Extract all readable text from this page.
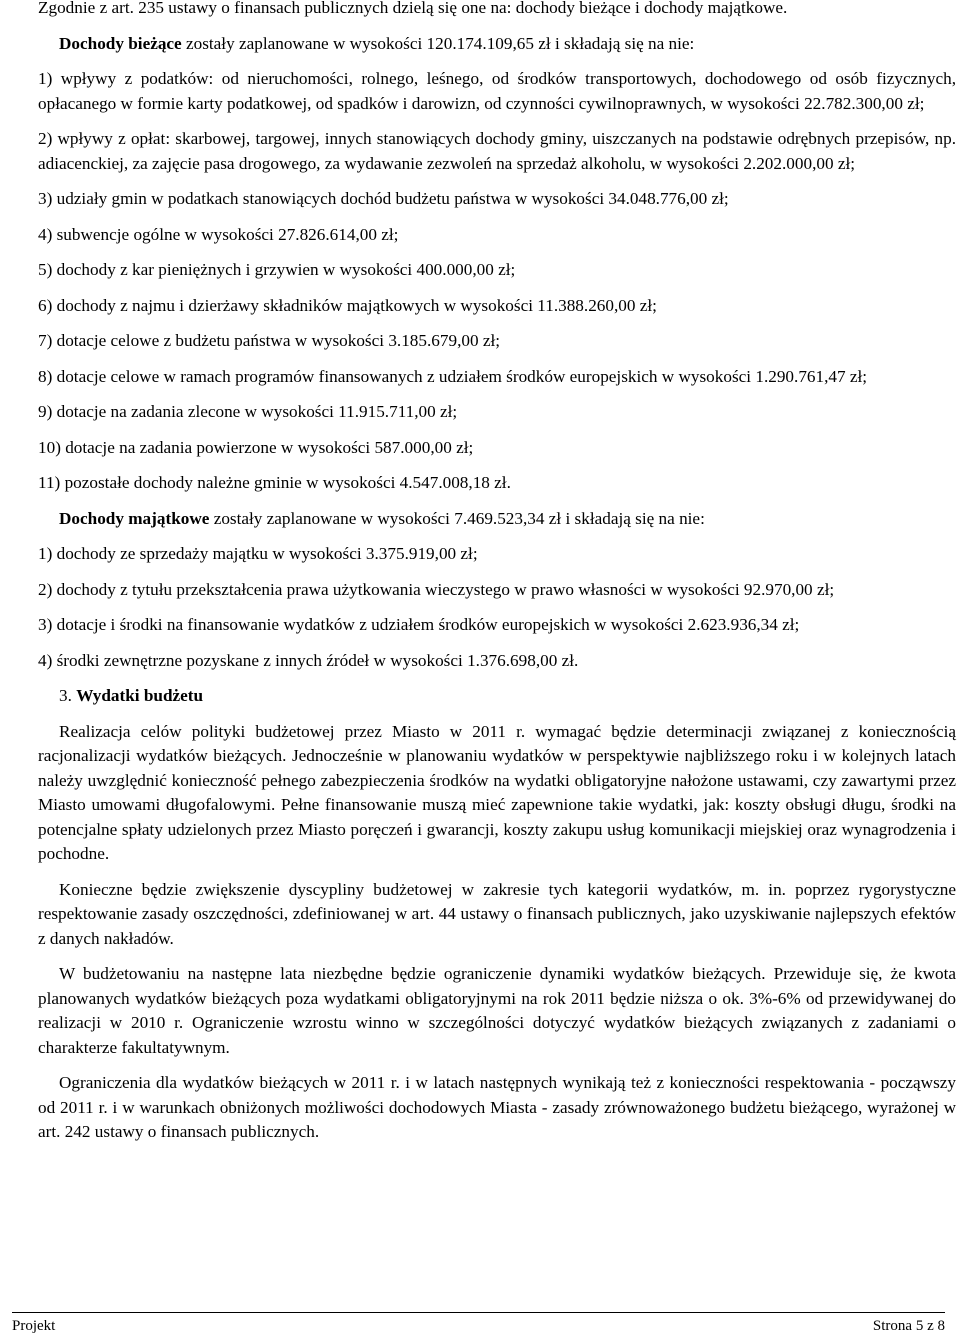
Zgodnie z art. 235 ustawy o finansach publicznych dzielą się one na: dochody bieżące i dochody majątkowe.

Dochody bieżące zostały zaplanowane w wysokości 120.174.109,65 zł i składają się na nie:

1) wpływy z podatków: od nieruchomości, rolnego, leśnego, od środków transportowych, dochodowego od osób fizycznych, opłacanego w formie karty podatkowej, od spadków i darowizn, od czynności cywilnoprawnych, w wysokości 22.782.300,00 zł;

2) wpływy z opłat: skarbowej, targowej, innych stanowiących dochody gminy, uiszczanych na podstawie odrębnych przepisów, np. adiacenckiej, za zajęcie pasa drogowego, za wydawanie zezwoleń na sprzedaż alkoholu, w wysokości 2.202.000,00 zł;

3) udziały gmin w podatkach stanowiących dochód budżetu państwa w wysokości 34.048.776,00 zł;

4) subwencje ogólne w wysokości 27.826.614,00 zł;

5) dochody z kar pieniężnych i grzywien w wysokości 400.000,00 zł;

6) dochody z najmu i dzierżawy składników majątkowych w wysokości 11.388.260,00 zł;

7) dotacje celowe z budżetu państwa w wysokości 3.185.679,00 zł;

8) dotacje celowe w ramach programów finansowanych z udziałem środków europejskich w wysokości 1.290.761,47 zł;

9) dotacje na zadania zlecone w wysokości 11.915.711,00 zł;

10) dotacje na zadania powierzone w wysokości 587.000,00 zł;

11) pozostałe dochody należne gminie w wysokości 4.547.008,18 zł.

Dochody majątkowe zostały zaplanowane w wysokości 7.469.523,34 zł i składają się na nie:

1) dochody ze sprzedaży majątku w wysokości 3.375.919,00 zł;

2) dochody z tytułu przekształcenia prawa użytkowania wieczystego w prawo własności w wysokości 92.970,00 zł;

3) dotacje i środki na finansowanie wydatków z udziałem środków europejskich w wysokości 2.623.936,34 zł;

4) środki zewnętrzne pozyskane z innych źródeł w wysokości 1.376.698,00 zł.

3. Wydatki budżetu

Realizacja celów polityki budżetowej przez Miasto w 2011 r. wymagać będzie determinacji związanej z koniecznością racjonalizacji wydatków bieżących. Jednocześnie w planowaniu wydatków w perspektywie najbliższego roku i w kolejnych latach należy uwzględnić konieczność pełnego zabezpieczenia środków na wydatki obligatoryjne nałożone ustawami, czy zawartymi przez Miasto umowami długofalowymi. Pełne finansowanie muszą mieć zapewnione takie wydatki, jak: koszty obsługi długu, środki na potencjalne spłaty udzielonych przez Miasto poręczeń i gwarancji, koszty zakupu usług komunikacji miejskiej oraz wynagrodzenia i pochodne.

Konieczne będzie zwiększenie dyscypliny budżetowej w zakresie tych kategorii wydatków, m. in. poprzez rygorystyczne respektowanie zasady oszczędności, zdefiniowanej w art. 44 ustawy o finansach publicznych, jako uzyskiwanie najlepszych efektów z danych nakładów.

W budżetowaniu na następne lata niezbędne będzie ograniczenie dynamiki wydatków bieżących. Przewiduje się, że kwota planowanych wydatków bieżących poza wydatkami obligatoryjnymi na rok 2011 będzie niższa o ok. 3%-6% od przewidywanej do realizacji w 2010 r. Ograniczenie wzrostu winno w szczególności dotyczyć wydatków bieżących związanych z zadaniami o charakterze fakultatywnym.

Ograniczenia dla wydatków bieżących w 2011 r. i w latach następnych wynikają też z konieczności respektowania - począwszy od 2011 r. i w warunkach obniżonych możliwości dochodowych Miasta - zasady zrównoważonego budżetu bieżącego, wyrażonej w art. 242 ustawy o finansach publicznych.

Projekt	Strona 5 z 8
